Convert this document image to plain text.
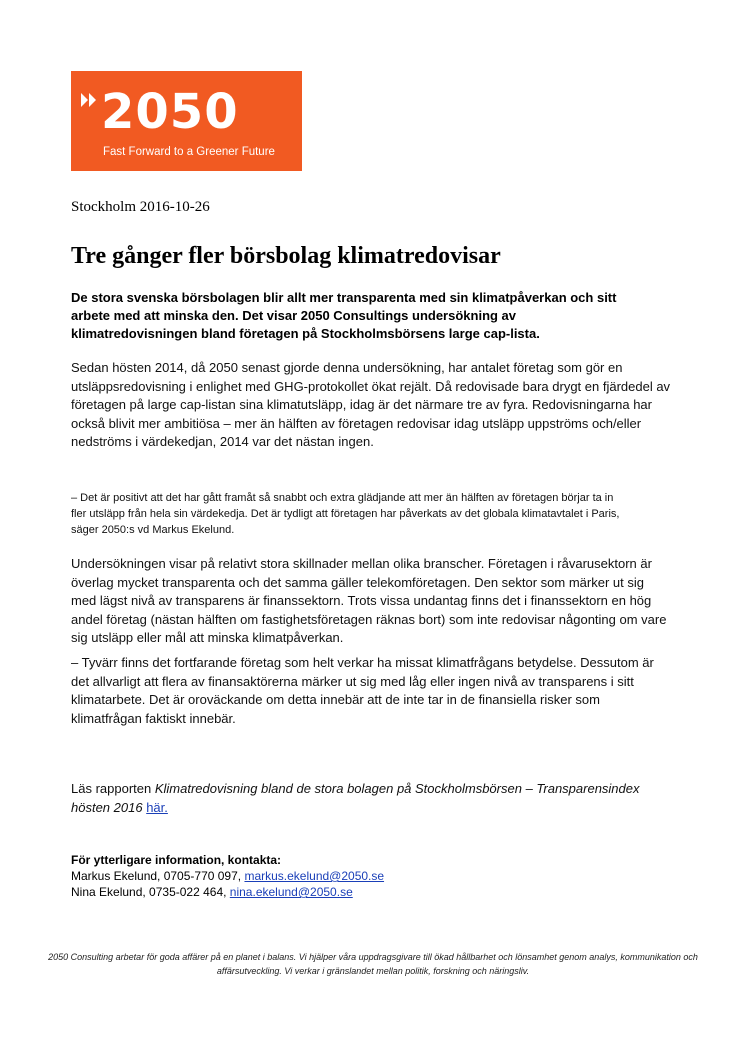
2050
Fast Forward to a Greener Future
Stockholm 2016-10-26
Tre gånger fler börsbolag klimatredovisar

De stora svenska börsbolagen blir allt mer transparenta med sin klimatpåverkan och sitt arbete med att minska den. Det visar 2050 Consultings undersökning av klimatredovisningen bland företagen på Stockholmsbörsens large cap-lista.

Sedan hösten 2014, då 2050 senast gjorde denna undersökning, har antalet företag som gör en utsläppsredovisning i enlighet med GHG-protokollet ökat rejält. Då redovisade bara drygt en fjärdedel av företagen på large cap-listan sina klimatutsläpp, idag är det närmare tre av fyra. Redovisningarna har också blivit mer ambitiösa – mer än hälften av företagen redovisar idag utsläpp uppströms och/eller nedströms i värdekedjan, 2014 var det nästan ingen.

– Det är positivt att det har gått framåt så snabbt och extra glädjande att mer än hälften av företagen börjar ta in fler utsläpp från hela sin värdekedja. Det är tydligt att företagen har påverkats av det globala klimatavtalet i Paris, säger 2050:s vd Markus Ekelund.

Undersökningen visar på relativt stora skillnader mellan olika branscher. Företagen i råvarusektorn är överlag mycket transparenta och det samma gäller telekomföretagen. Den sektor som märker ut sig med lägst nivå av transparens är finanssektorn. Trots vissa undantag finns det i finanssektorn en hög andel företag (nästan hälften om fastighetsföretagen räknas bort) som inte redovisar någonting om vare sig utsläpp eller mål att minska klimatpåverkan.

– Tyvärr finns det fortfarande företag som helt verkar ha missat klimatfrågans betydelse. Dessutom är det allvarligt att flera av finansaktörerna märker ut sig med låg eller ingen nivå av transparens i sitt klimatarbete. Det är oroväckande om detta innebär att de inte tar in de finansiella risker som klimatfrågan faktiskt innebär.

Läs rapporten Klimatredovisning bland de stora bolagen på Stockholmsbörsen – Transparensindex hösten 2016 här.

För ytterligare information, kontakta:
Markus Ekelund, 0705-770 097, markus.ekelund@2050.se
Nina Ekelund, 0735-022 464, nina.ekelund@2050.se

2050 Consulting arbetar för goda affärer på en planet i balans. Vi hjälper våra uppdragsgivare till ökad hållbarhet och lönsamhet genom analys, kommunikation och affärsutveckling. Vi verkar i gränslandet mellan politik, forskning och näringsliv.
